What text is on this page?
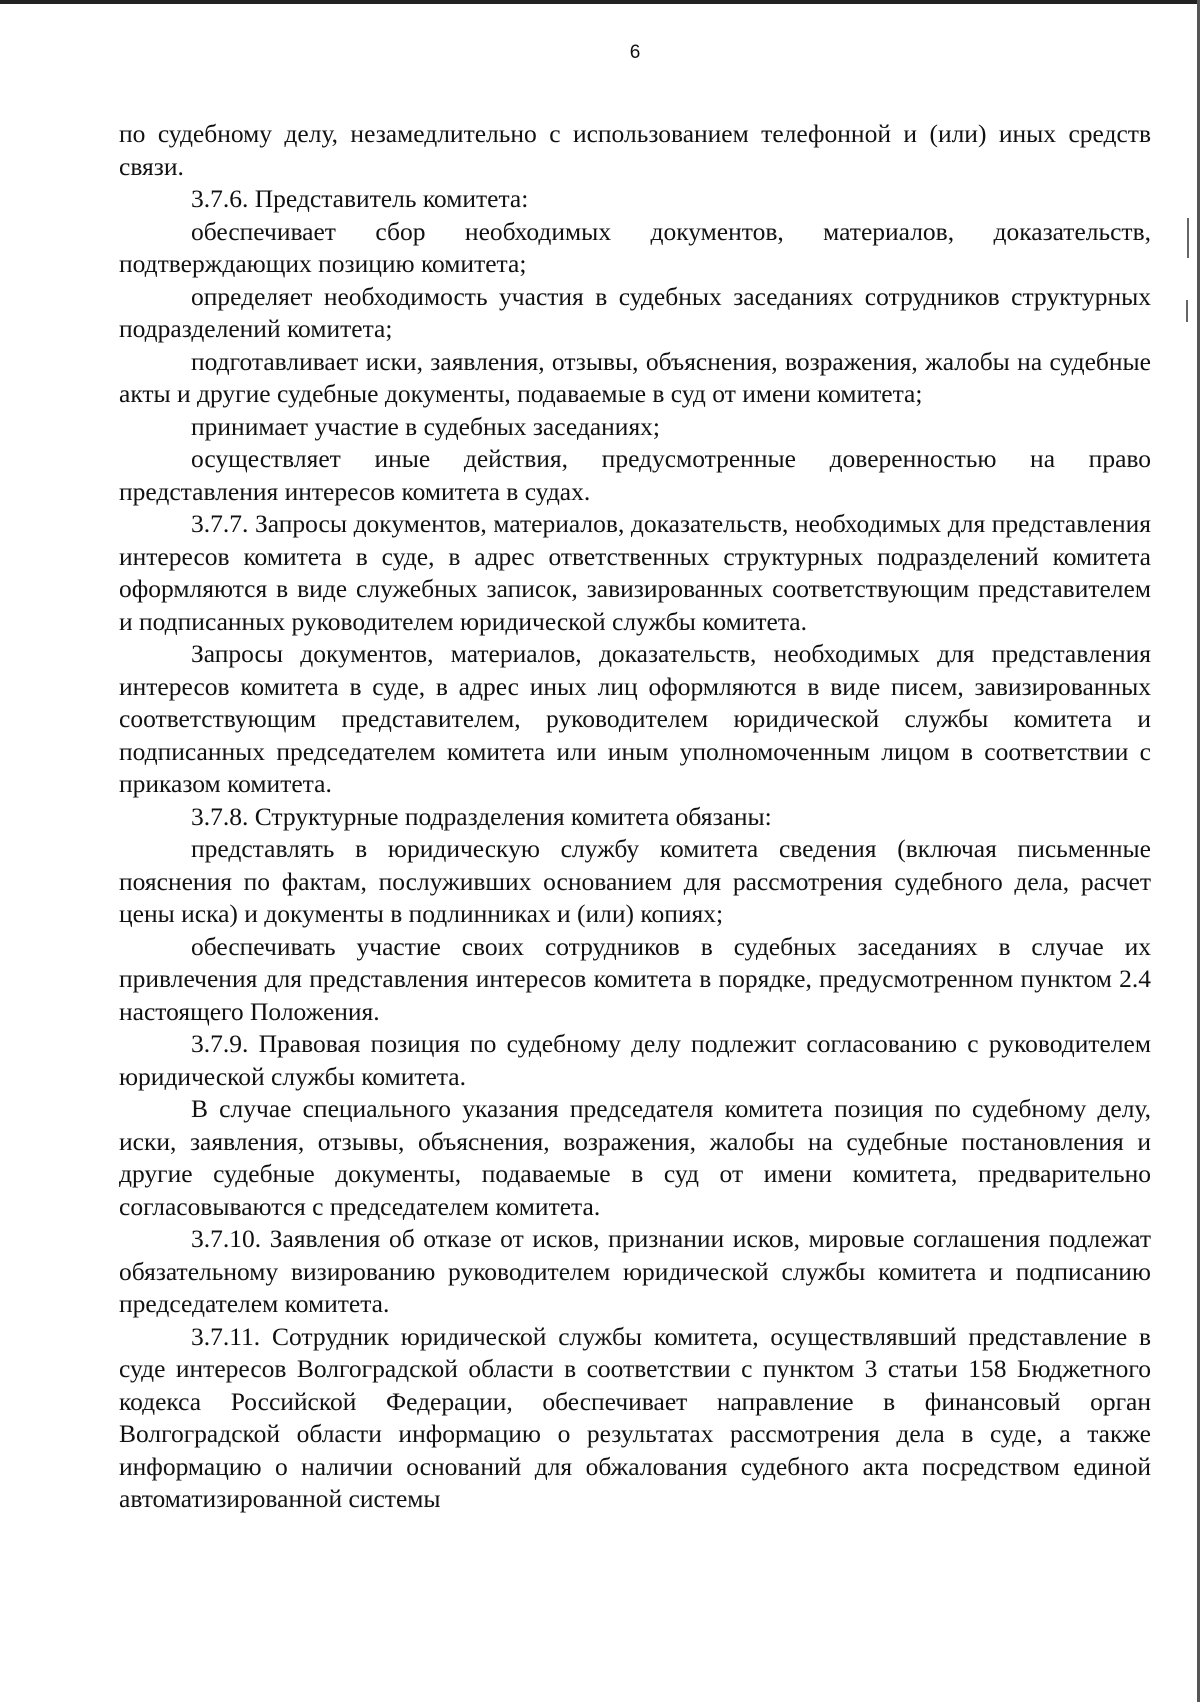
6

по судебному делу, незамедлительно с использованием телефонной и (или) иных средств связи.

3.7.6. Представитель комитета:

обеспечивает сбор необходимых документов, материалов, доказательств, подтверждающих позицию комитета;

определяет необходимость участия в судебных заседаниях сотрудников структурных подразделений комитета;

подготавливает иски, заявления, отзывы, объяснения, возражения, жалобы на судебные акты и другие судебные документы, подаваемые в суд от имени комитета;

принимает участие в судебных заседаниях;

осуществляет иные действия, предусмотренные доверенностью на право представления интересов комитета в судах.

3.7.7. Запросы документов, материалов, доказательств, необходимых для представления интересов комитета в суде, в адрес ответственных структурных подразделений комитета оформляются в виде служебных записок, завизированных соответствующим представителем и подписанных руководителем юридической службы комитета.

Запросы документов, материалов, доказательств, необходимых для представления интересов комитета в суде, в адрес иных лиц оформляются в виде писем, завизированных соответствующим представителем, руководителем юридической службы комитета и подписанных председателем комитета или иным уполномоченным лицом в соответствии с приказом комитета.

3.7.8. Структурные подразделения комитета обязаны:

представлять в юридическую службу комитета сведения (включая письменные пояснения по фактам, послуживших основанием для рассмотрения судебного дела, расчет цены иска) и документы в подлинниках и (или) копиях;

обеспечивать участие своих сотрудников в судебных заседаниях в случае их привлечения для представления интересов комитета в порядке, предусмотренном пунктом 2.4 настоящего Положения.

3.7.9. Правовая позиция по судебному делу подлежит согласованию с руководителем юридической службы комитета.

В случае специального указания председателя комитета позиция по судебному делу, иски, заявления, отзывы, объяснения, возражения, жалобы на судебные постановления и другие судебные документы, подаваемые в суд от имени комитета, предварительно согласовываются с председателем комитета.

3.7.10. Заявления об отказе от исков, признании исков, мировые соглашения подлежат обязательному визированию руководителем юридической службы комитета и подписанию председателем комитета.

3.7.11. Сотрудник юридической службы комитета, осуществлявший представление в суде интересов Волгоградской области в соответствии с пунктом 3 статьи 158 Бюджетного кодекса Российской Федерации, обеспечивает направление в финансовый орган Волгоградской области информацию о результатах рассмотрения дела в суде, а также информацию о наличии оснований для обжалования судебного акта посредством единой автоматизированной системы
